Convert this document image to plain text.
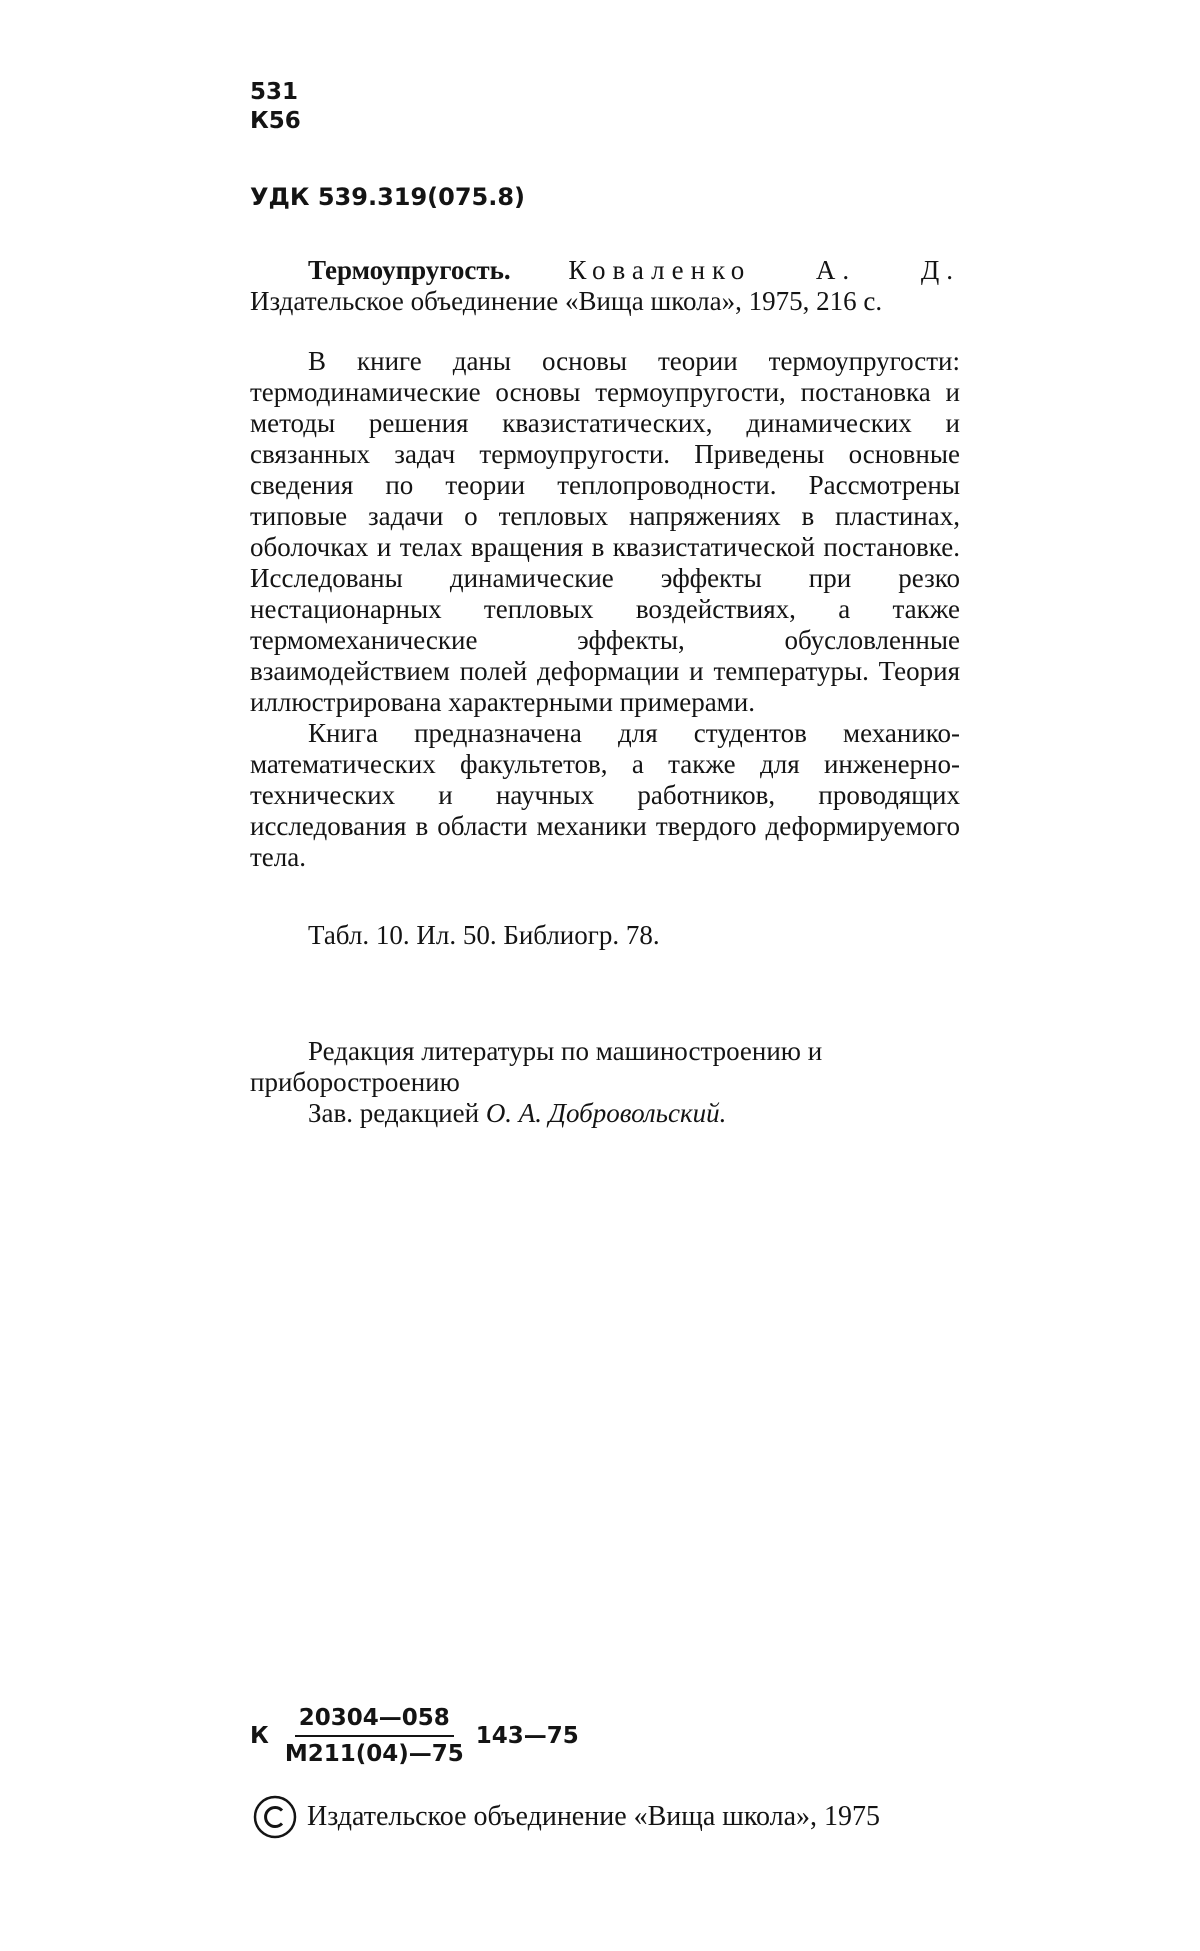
531
К56
УДК 539.319(075.8)

Термоупругость. Коваленко А. Д. Издательское объединение «Вища школа», 1975, 216 с.

В книге даны основы теории термоупругости: термодинамические основы термоупругости, постановка и методы решения квазистатических, динамических и связанных задач термоупругости. Приведены основные сведения по теории теплопроводности. Рассмотрены типовые задачи о тепловых напряжениях в пластинах, оболочках и телах вращения в квазистатической постановке. Исследованы динамические эффекты при резко нестационарных тепловых воздействиях, а также термомеханические эффекты, обусловленные взаимодействием полей деформации и температуры. Теория иллюстрирована характерными примерами.

Книга предназначена для студентов механико-математических факультетов, а также для инженерно-технических и научных работников, проводящих исследования в области механики твердого деформируемого тела.

Табл. 10. Ил. 50. Библиогр. 78.

Редакция литературы по машиностроению и приборостроению

Зав. редакцией О. А. Добровольский.

К $\frac{20304—058}{М211(04)—75}$ 143—75
Издательское объединение «Вища школа», 1975
